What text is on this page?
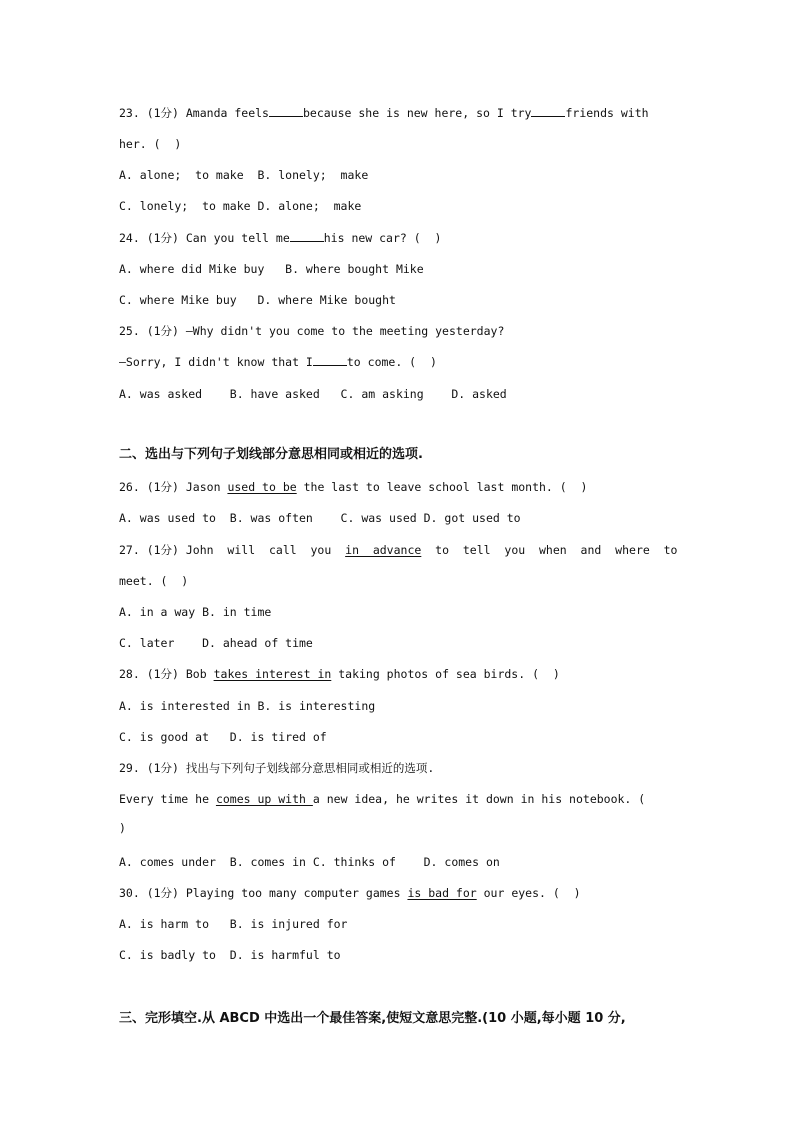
23. (1分) Amanda feels	because she is new here, so I try	friends with
her. (  )
A. alone;  to make  B. lonely;  make
C. lonely;  to make D. alone;  make
24. (1分) Can you tell me	his new car? (  )
A. where did Mike buy   B. where bought Mike
C. where Mike buy   D. where Mike bought
25. (1分) –Why didn't you come to the meeting yesterday?
–Sorry, I didn't know that I	to come. (  )
A. was asked    B. have asked   C. am asking    D. asked
二、选出与下列句子划线部分意思相同或相近的选项.
26. (1分) Jason used to be the last to leave school last month. (  )
A. was used to  B. was often    C. was used D. got used to
27. (1分) John  will  call  you  in  advance  to  tell  you  when  and  where  to
meet. (  )
A. in a way B. in time
C. later    D. ahead of time
28. (1分) Bob takes interest in taking photos of sea birds. (  )
A. is interested in B. is interesting
C. is good at   D. is tired of
29. (1分) 找出与下列句子划线部分意思相同或相近的选项.
Every time he comes up with a new idea, he writes it down in his notebook. (
)
A. comes under  B. comes in C. thinks of    D. comes on
30. (1分) Playing too many computer games is bad for our eyes. (  )
A. is harm to   B. is injured for
C. is badly to  D. is harmful to
三、完形填空.从 ABCD 中选出一个最佳答案,使短文意思完整.(10 小题,每小题 10 分,
